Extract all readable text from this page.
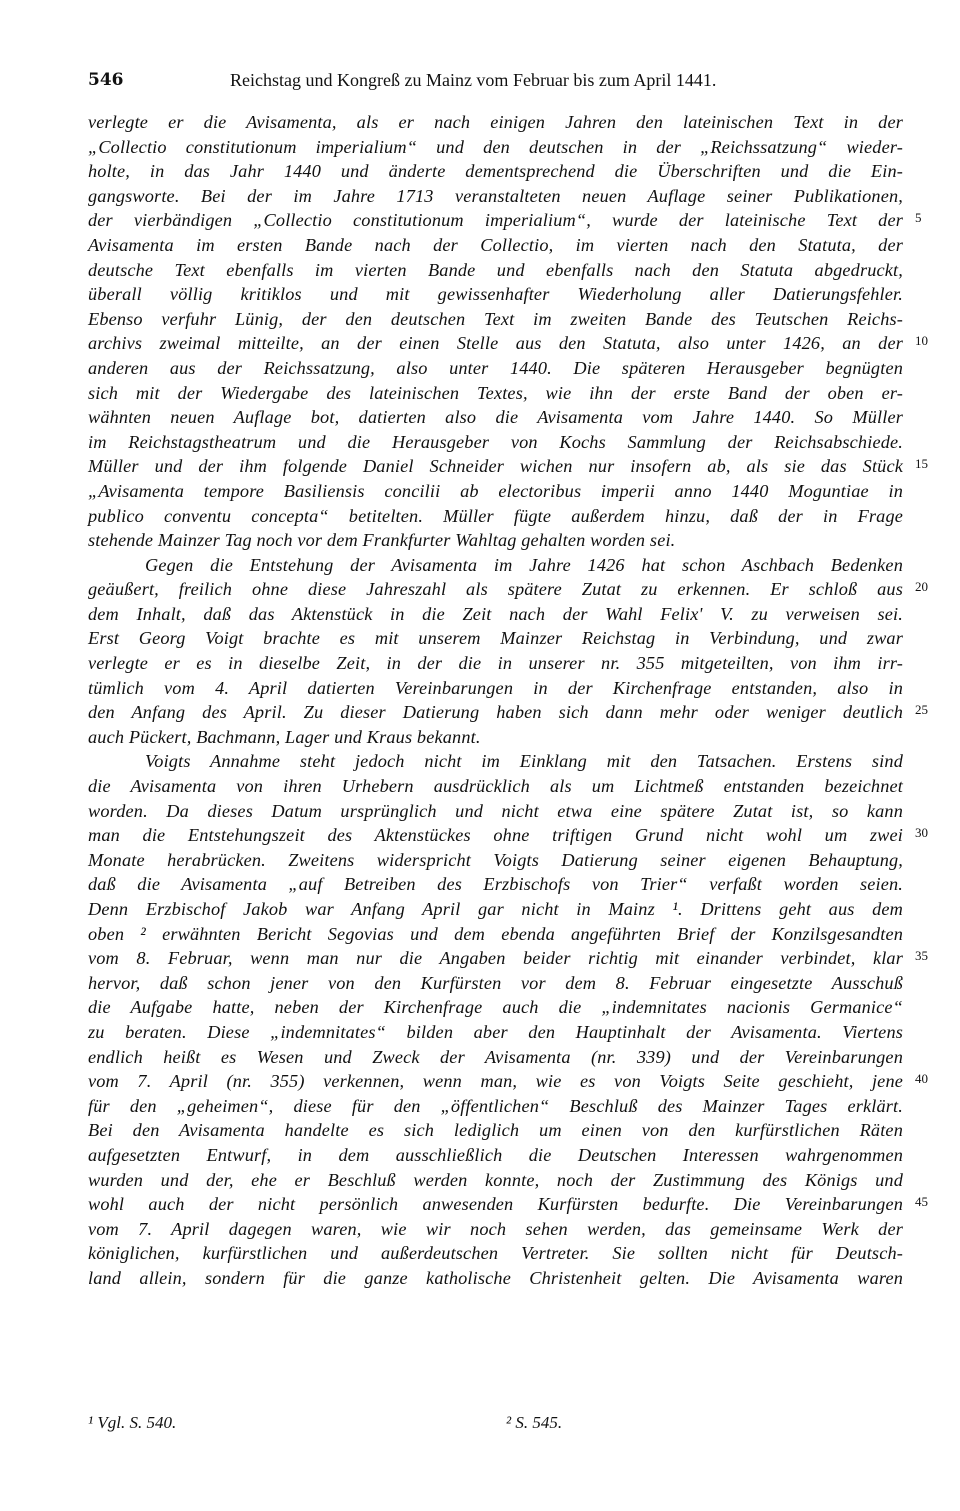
546	Reichstag und Kongreß zu Mainz vom Februar bis zum April 1441.
verlegte er die Avisamenta, als er nach einigen Jahren den lateinischen Text in der
„Collectio constitutionum imperialium“ und den deutschen in der „Reichssatzung“ wieder-
holte, in das Jahr 1440 und änderte dementsprechend die Überschriften und die Ein-
gangsworte. Bei der im Jahre 1713 veranstalteten neuen Auflage seiner Publikationen,
der vierbändigen „Collectio constitutionum imperialium“, wurde der lateinische Text der 5
Avisamenta im ersten Bande nach der Collectio, im vierten nach den Statuta, der
deutsche Text ebenfalls im vierten Bande und ebenfalls nach den Statuta abgedruckt,
überall völlig kritiklos und mit gewissenhafter Wiederholung aller Datierungsfehler.
Ebenso verfuhr Lünig, der den deutschen Text im zweiten Bande des Teutschen Reichs-
archivs zweimal mitteilte, an der einen Stelle aus den Statuta, also unter 1426, an der 10
anderen aus der Reichssatzung, also unter 1440. Die späteren Herausgeber begnügten
sich mit der Wiedergabe des lateinischen Textes, wie ihn der erste Band der oben er-
wähnten neuen Auflage bot, datierten also die Avisamenta vom Jahre 1440. So Müller
im Reichstagstheatrum und die Herausgeber von Kochs Sammlung der Reichsabschiede.
Müller und der ihm folgende Daniel Schneider wichen nur insofern ab, als sie das Stück 15
„Avisamenta tempore Basiliensis concilii ab electoribus imperii anno 1440 Moguntiae in
publico conventu concepta“ betitelten. Müller fügte außerdem hinzu, daß der in Frage
stehende Mainzer Tag noch vor dem Frankfurter Wahltag gehalten worden sei.
Gegen die Entstehung der Avisamenta im Jahre 1426 hat schon Aschbach Bedenken
geäußert, freilich ohne diese Jahreszahl als spätere Zutat zu erkennen. Er schloß aus 20
dem Inhalt, daß das Aktenstück in die Zeit nach der Wahl Felix' V. zu verweisen sei.
Erst Georg Voigt brachte es mit unserem Mainzer Reichstag in Verbindung, und zwar
verlegte er es in dieselbe Zeit, in der die in unserer nr. 355 mitgeteilten, von ihm irr-
tümlich vom 4. April datierten Vereinbarungen in der Kirchenfrage entstanden, also in
den Anfang des April. Zu dieser Datierung haben sich dann mehr oder weniger deutlich 25
auch Pückert, Bachmann, Lager und Kraus bekannt.
Voigts Annahme steht jedoch nicht im Einklang mit den Tatsachen. Erstens sind
die Avisamenta von ihren Urhebern ausdrücklich als um Lichtmeß entstanden bezeichnet
worden. Da dieses Datum ursprünglich und nicht etwa eine spätere Zutat ist, so kann
man die Entstehungszeit des Aktenstückes ohne triftigen Grund nicht wohl um zwei 30
Monate herabrücken. Zweitens widerspricht Voigts Datierung seiner eigenen Behauptung,
daß die Avisamenta „auf Betreiben des Erzbischofs von Trier“ verfaßt worden seien.
Denn Erzbischof Jakob war Anfang April gar nicht in Mainz ¹. Drittens geht aus dem
oben ² erwähnten Bericht Segovias und dem ebenda angeführten Brief der Konzilsgesandten
vom 8. Februar, wenn man nur die Angaben beider richtig mit einander verbindet, klar 35
hervor, daß schon jener von den Kurfürsten vor dem 8. Februar eingesetzte Ausschuß
die Aufgabe hatte, neben der Kirchenfrage auch die „indemnitates nacionis Germanice“
zu beraten. Diese „indemnitates“ bilden aber den Hauptinhalt der Avisamenta. Viertens
endlich heißt es Wesen und Zweck der Avisamenta (nr. 339) und der Vereinbarungen
vom 7. April (nr. 355) verkennen, wenn man, wie es von Voigts Seite geschieht, jene 40
für den „geheimen“, diese für den „öffentlichen“ Beschluß des Mainzer Tages erklärt.
Bei den Avisamenta handelte es sich lediglich um einen von den kurfürstlichen Räten
aufgesetzten Entwurf, in dem ausschließlich die Deutschen Interessen wahrgenommen
wurden und der, ehe er Beschluß werden konnte, noch der Zustimmung des Königs und
wohl auch der nicht persönlich anwesenden Kurfürsten bedurfte. Die Vereinbarungen 45
vom 7. April dagegen waren, wie wir noch sehen werden, das gemeinsame Werk der
königlichen, kurfürstlichen und außerdeutschen Vertreter. Sie sollten nicht für Deutsch-
land allein, sondern für die ganze katholische Christenheit gelten. Die Avisamenta waren
¹ Vgl. S. 540.	² S. 545.
